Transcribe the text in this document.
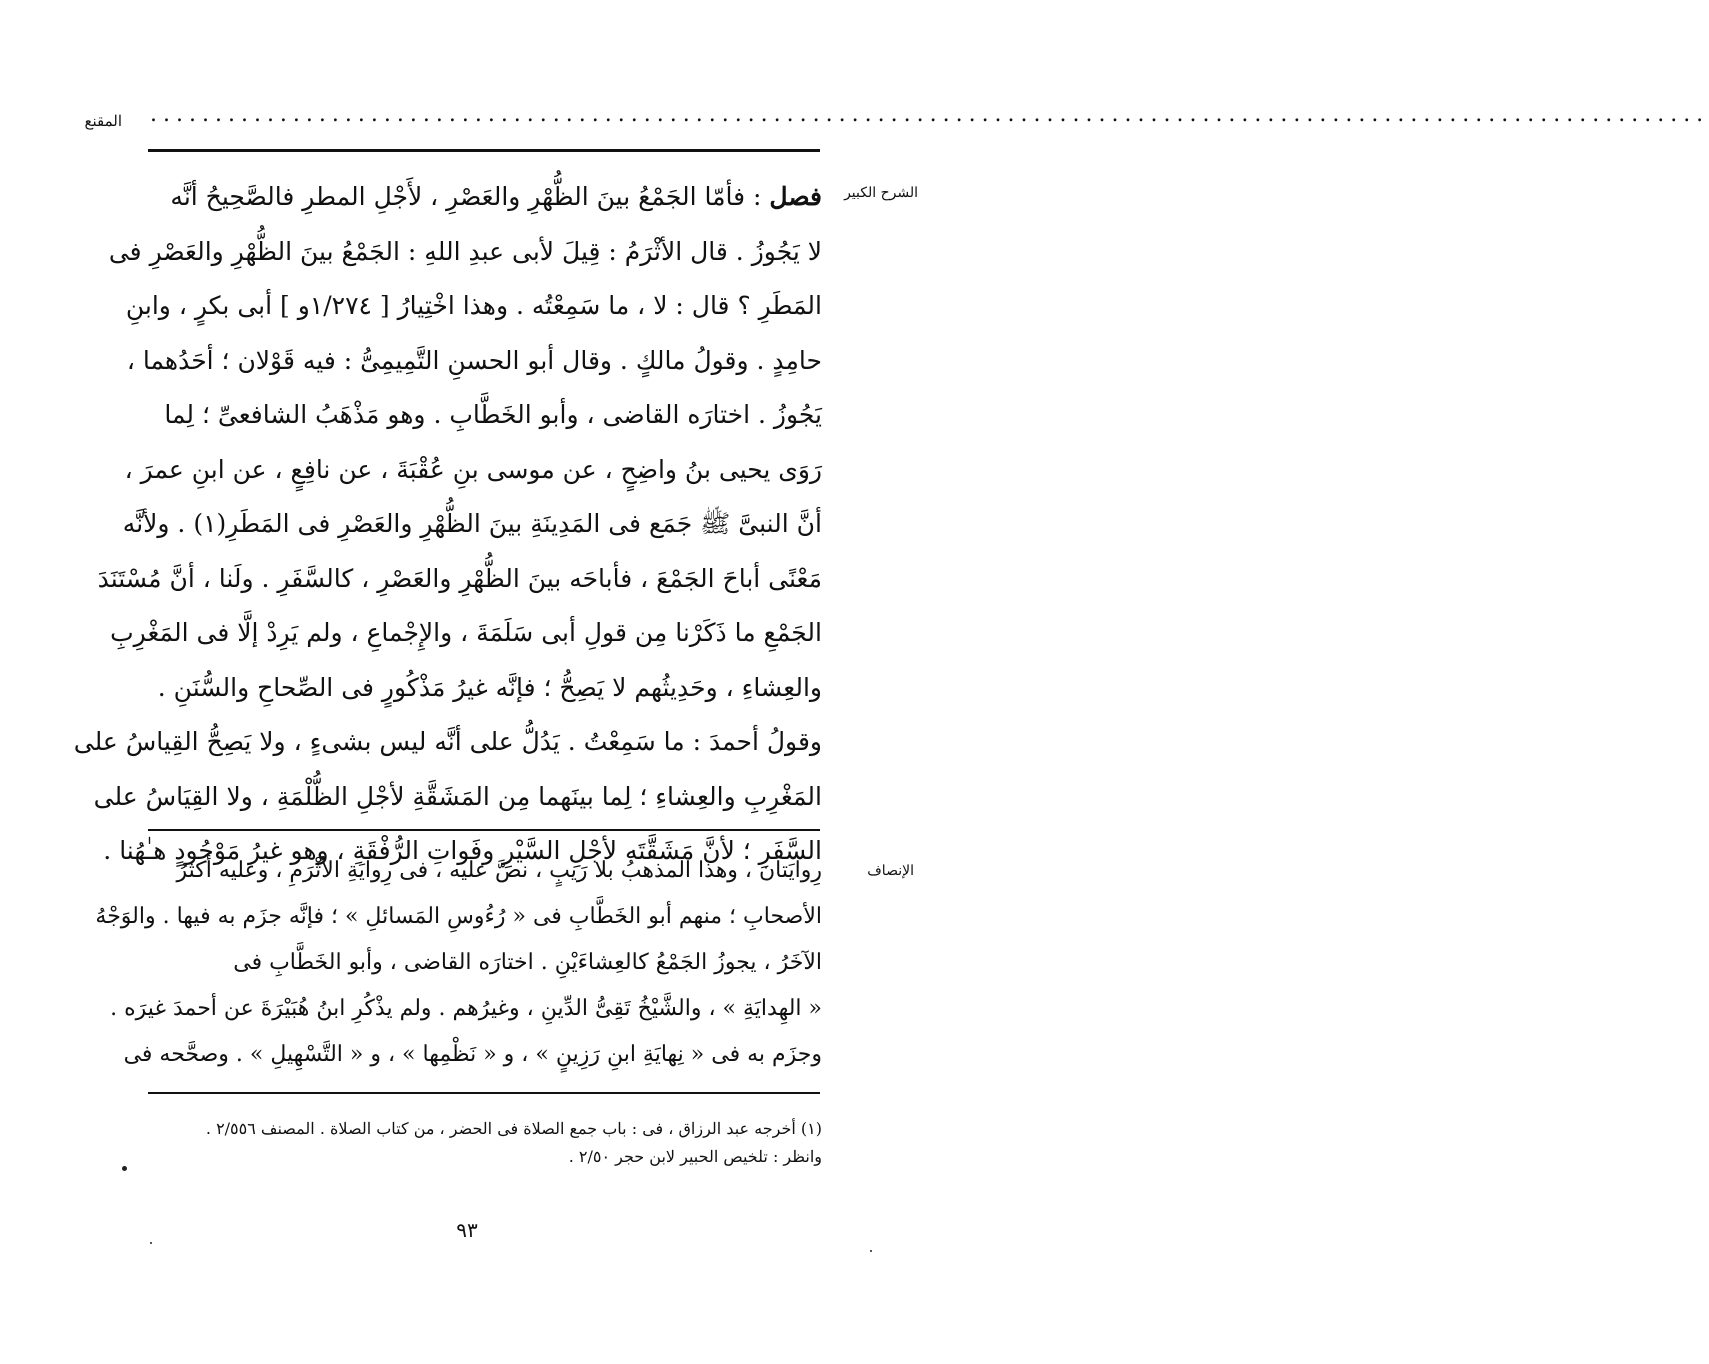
المقنع ........................................................................................................................
الشرح الكبير
فصل : فأمّا الجَمْعُ بينَ الظُّهْرِ والعَصْرِ ، لأَجْلِ المطرِ فالصَّحِيحُ أنَّه
لا يَجُوزُ . قال الأثْرَمُ : قِيلَ لأبى عبدِ اللهِ : الجَمْعُ بينَ الظُّهْرِ والعَصْرِ فى
المَطَرِ ؟ قال : لا ، ما سَمِعْتُه . وهذا اخْتِيارُ [ ١/٢٧٤و ] أبى بكرٍ ، وابنِ
حامِدٍ . وقولُ مالكٍ . وقال أبو الحسنِ التَّمِيمِىُّ : فيه قَوْلان ؛ أحَدُهما ،
يَجُوزُ . اختارَه القاضى ، وأبو الخَطَّابِ . وهو مَذْهَبُ الشافعىِّ ؛ لِما
رَوَى يحيى بنُ واضِحٍ ، عن موسى بنِ عُقْبَةَ ، عن نافِعٍ ، عن ابنِ عمرَ ،
أنَّ النبىَّ ﷺ جَمَع فى المَدِينَةِ بينَ الظُّهْرِ والعَصْرِ فى المَطَرِ(١) . ولأنَّه
مَعْنًى أباحَ الجَمْعَ ، فأباحَه بينَ الظُّهْرِ والعَصْرِ ، كالسَّفَرِ . ولَنا ، أنَّ مُسْتَنَدَ
الجَمْعِ ما ذَكَرْنا مِن قولِ أبى سَلَمَةَ ، والإِجْماعِ ، ولم يَرِدْ إلَّا فى المَغْرِبِ
والعِشاءِ ، وحَدِيثُهم لا يَصِحُّ ؛ فإنَّه غيرُ مَذْكُورٍ فى الصِّحاحِ والسُّنَنِ .
وقولُ أحمدَ : ما سَمِعْتُ . يَدُلُّ على أنَّه ليس بشىءٍ ، ولا يَصِحُّ القِياسُ على
المَغْرِبِ والعِشاءِ ؛ لِما بينَهما مِن المَشَقَّةِ لأجْلِ الظُّلْمَةِ ، ولا القِيَاسُ على
السَّفَرِ ؛ لأنَّ مَشَقَّتَه لأجْلِ السَّيْرِ وفَواتِ الرُّفْقَةِ ، وهو غيرُ مَوْجُودٍ هـٰهُنا .
الإنصاف
رِوايَتان ، وهذا المذهبُ بلا رَيبٍ ، نصَّ عليه ، فى رِوايَةِ الأثْرَمِ ، وعليه أكثرُ
الأصحابِ ؛ منهم أبو الخَطَّابِ فى « رُءُوسِ المَسائلِ » ؛ فإنَّه جزَم به فيها . والوَجْهُ
الآخَرُ ، يجوزُ الجَمْعُ كالعِشاءَيْنِ . اختارَه القاضى ، وأبو الخَطَّابِ فى
« الهِدايَةِ » ، والشَّيْخُ تَقِىُّ الدِّينِ ، وغيرُهم . ولم يذْكُرِ ابنُ هُبَيْرَةَ عن أحمدَ غيرَه .
وجزَم به فى « نِهايَةِ ابنِ رَزِينٍ » ، و « نَظْمِها » ، و « التَّسْهِيلِ » . وصحَّحه فى
(١) أخرجه عبد الرزاق ، فى : باب جمع الصلاة فى الحضر ، من كتاب الصلاة . المصنف ٢/٥٥٦ .
وانظر : تلخيص الحبير لابن حجر ٢/٥٠ .
٩٣
